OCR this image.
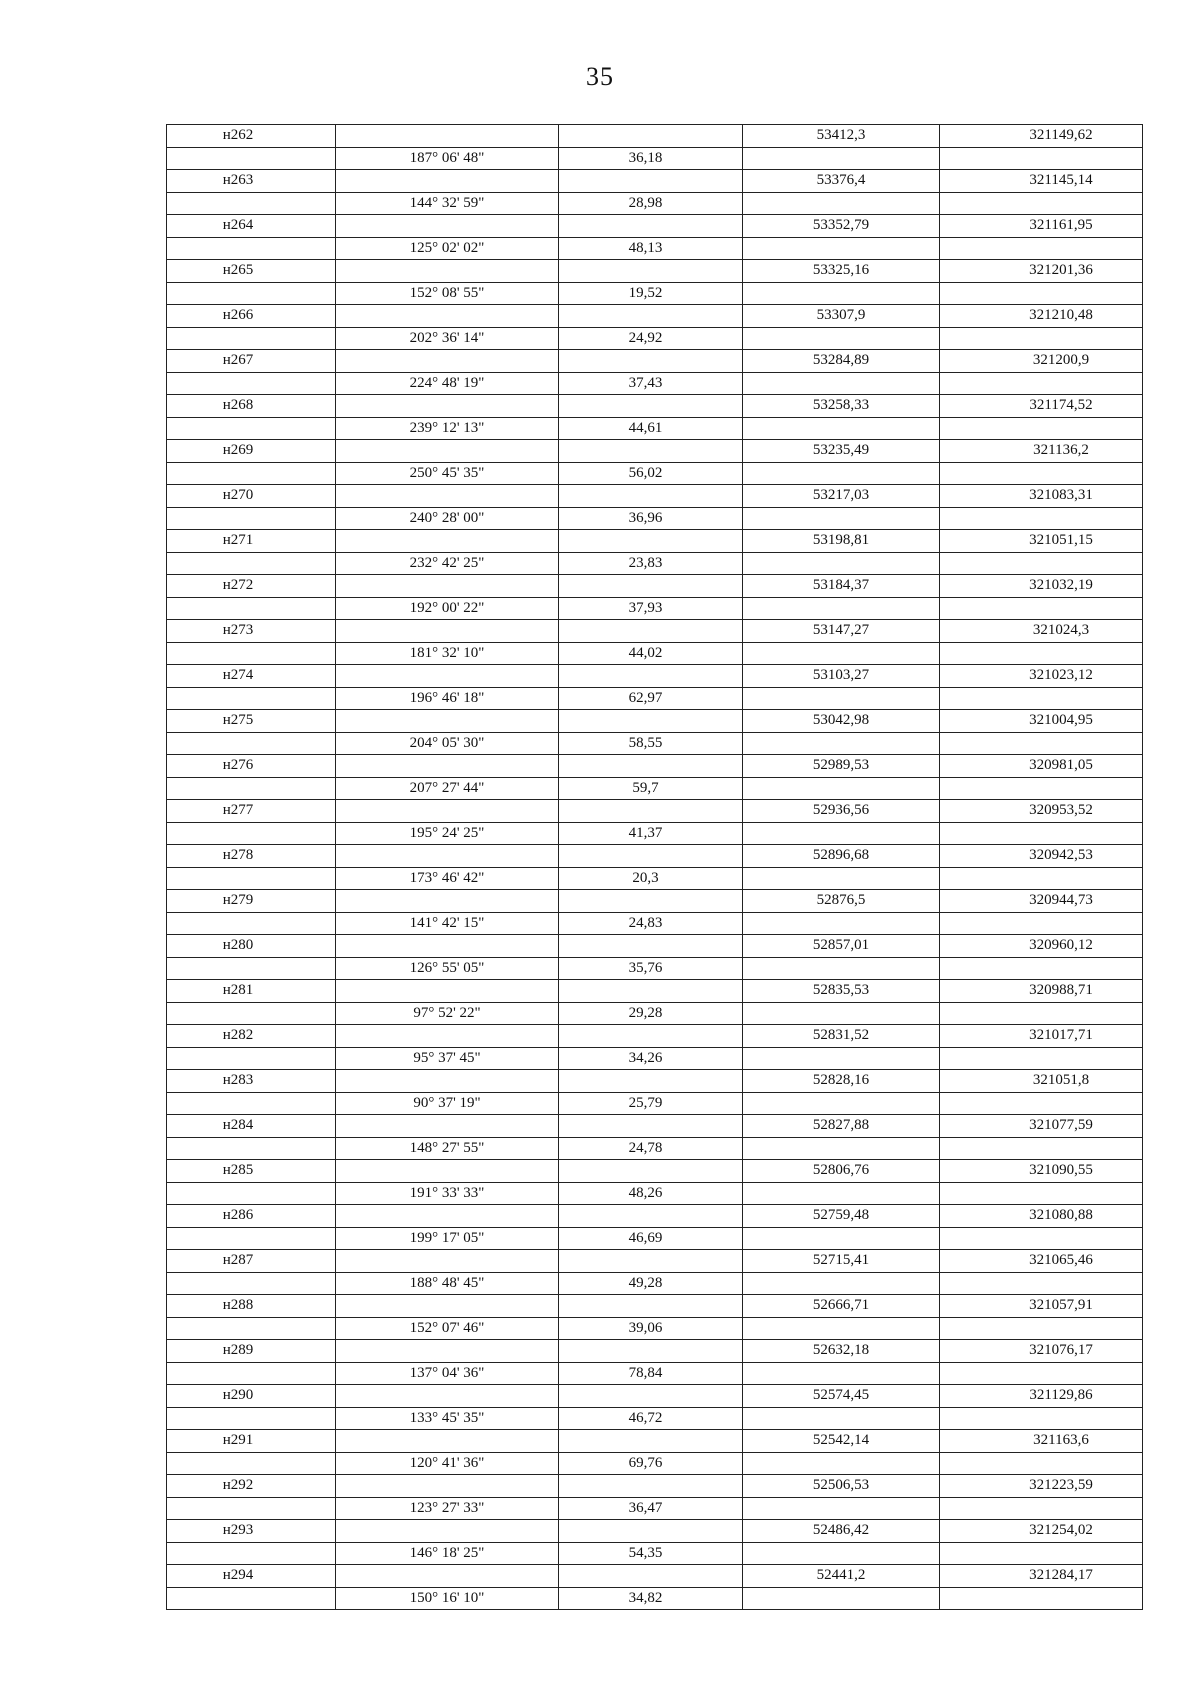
35
н262			53412,3	321149,62
	187° 06' 48"	36,18		
н263			53376,4	321145,14
	144° 32' 59"	28,98		
н264			53352,79	321161,95
	125° 02' 02"	48,13		
н265			53325,16	321201,36
	152° 08' 55"	19,52		
н266			53307,9	321210,48
	202° 36' 14"	24,92		
н267			53284,89	321200,9
	224° 48' 19"	37,43		
н268			53258,33	321174,52
	239° 12' 13"	44,61		
н269			53235,49	321136,2
	250° 45' 35"	56,02		
н270			53217,03	321083,31
	240° 28' 00"	36,96		
н271			53198,81	321051,15
	232° 42' 25"	23,83		
н272			53184,37	321032,19
	192° 00' 22"	37,93		
н273			53147,27	321024,3
	181° 32' 10"	44,02		
н274			53103,27	321023,12
	196° 46' 18"	62,97		
н275			53042,98	321004,95
	204° 05' 30"	58,55		
н276			52989,53	320981,05
	207° 27' 44"	59,7		
н277			52936,56	320953,52
	195° 24' 25"	41,37		
н278			52896,68	320942,53
	173° 46' 42"	20,3		
н279			52876,5	320944,73
	141° 42' 15"	24,83		
н280			52857,01	320960,12
	126° 55' 05"	35,76		
н281			52835,53	320988,71
	97° 52' 22"	29,28		
н282			52831,52	321017,71
	95° 37' 45"	34,26		
н283			52828,16	321051,8
	90° 37' 19"	25,79		
н284			52827,88	321077,59
	148° 27' 55"	24,78		
н285			52806,76	321090,55
	191° 33' 33"	48,26		
н286			52759,48	321080,88
	199° 17' 05"	46,69		
н287			52715,41	321065,46
	188° 48' 45"	49,28		
н288			52666,71	321057,91
	152° 07' 46"	39,06		
н289			52632,18	321076,17
	137° 04' 36"	78,84		
н290			52574,45	321129,86
	133° 45' 35"	46,72		
н291			52542,14	321163,6
	120° 41' 36"	69,76		
н292			52506,53	321223,59
	123° 27' 33"	36,47		
н293			52486,42	321254,02
	146° 18' 25"	54,35		
н294			52441,2	321284,17
	150° 16' 10"	34,82		
